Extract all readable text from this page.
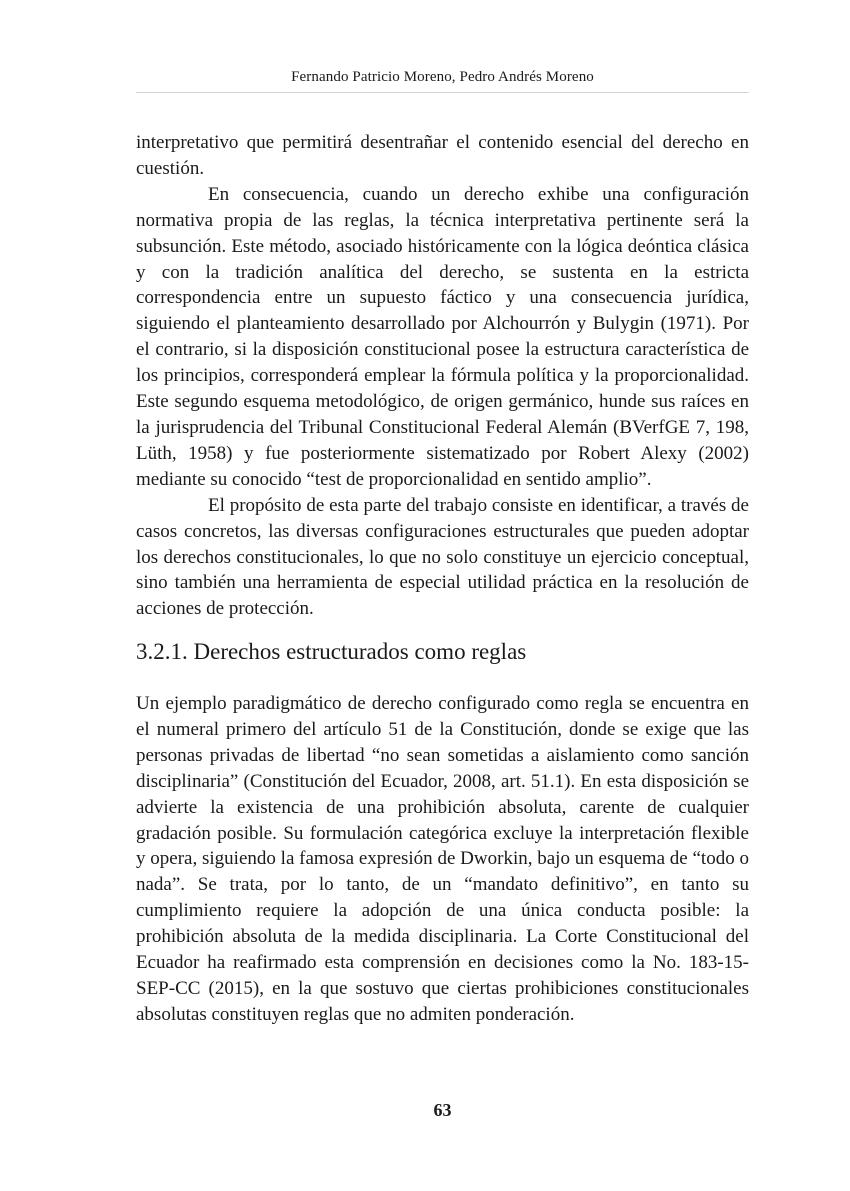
Fernando Patricio Moreno, Pedro Andrés Moreno

interpretativo que permitirá desentrañar el contenido esencial del derecho en cuestión.

En consecuencia, cuando un derecho exhibe una configuración normativa propia de las reglas, la técnica interpretativa pertinente será la subsunción. Este método, asociado históricamente con la lógica deóntica clásica y con la tradición analítica del derecho, se sustenta en la estricta correspondencia entre un supuesto fáctico y una consecuencia jurídica, siguiendo el planteamiento desarrollado por Alchourrón y Bulygin (1971). Por el contrario, si la disposición constitucional posee la estructura característica de los principios, corresponderá emplear la fórmula política y la proporcionalidad. Este segundo esquema metodológico, de origen germánico, hunde sus raíces en la jurisprudencia del Tribunal Constitucional Federal Alemán (BVerfGE 7, 198, Lüth, 1958) y fue posteriormente sistematizado por Robert Alexy (2002) mediante su conocido “test de proporcionalidad en sentido amplio”.

El propósito de esta parte del trabajo consiste en identificar, a través de casos concretos, las diversas configuraciones estructurales que pueden adoptar los derechos constitucionales, lo que no solo constituye un ejercicio conceptual, sino también una herramienta de especial utilidad práctica en la resolución de acciones de protección.

3.2.1. Derechos estructurados como reglas

Un ejemplo paradigmático de derecho configurado como regla se encuentra en el numeral primero del artículo 51 de la Constitución, donde se exige que las personas privadas de libertad “no sean sometidas a aislamiento como sanción disciplinaria” (Constitución del Ecuador, 2008, art. 51.1). En esta disposición se advierte la existencia de una prohibición absoluta, carente de cualquier gradación posible. Su formulación categórica excluye la interpretación flexible y opera, siguiendo la famosa expresión de Dworkin, bajo un esquema de “todo o nada”. Se trata, por lo tanto, de un “mandato definitivo”, en tanto su cumplimiento requiere la adopción de una única conducta posible: la prohibición absoluta de la medida disciplinaria. La Corte Constitucional del Ecuador ha reafirmado esta comprensión en decisiones como la No. 183-15-SEP-CC (2015), en la que sostuvo que ciertas prohibiciones constitucionales absolutas constituyen reglas que no admiten ponderación.

63
